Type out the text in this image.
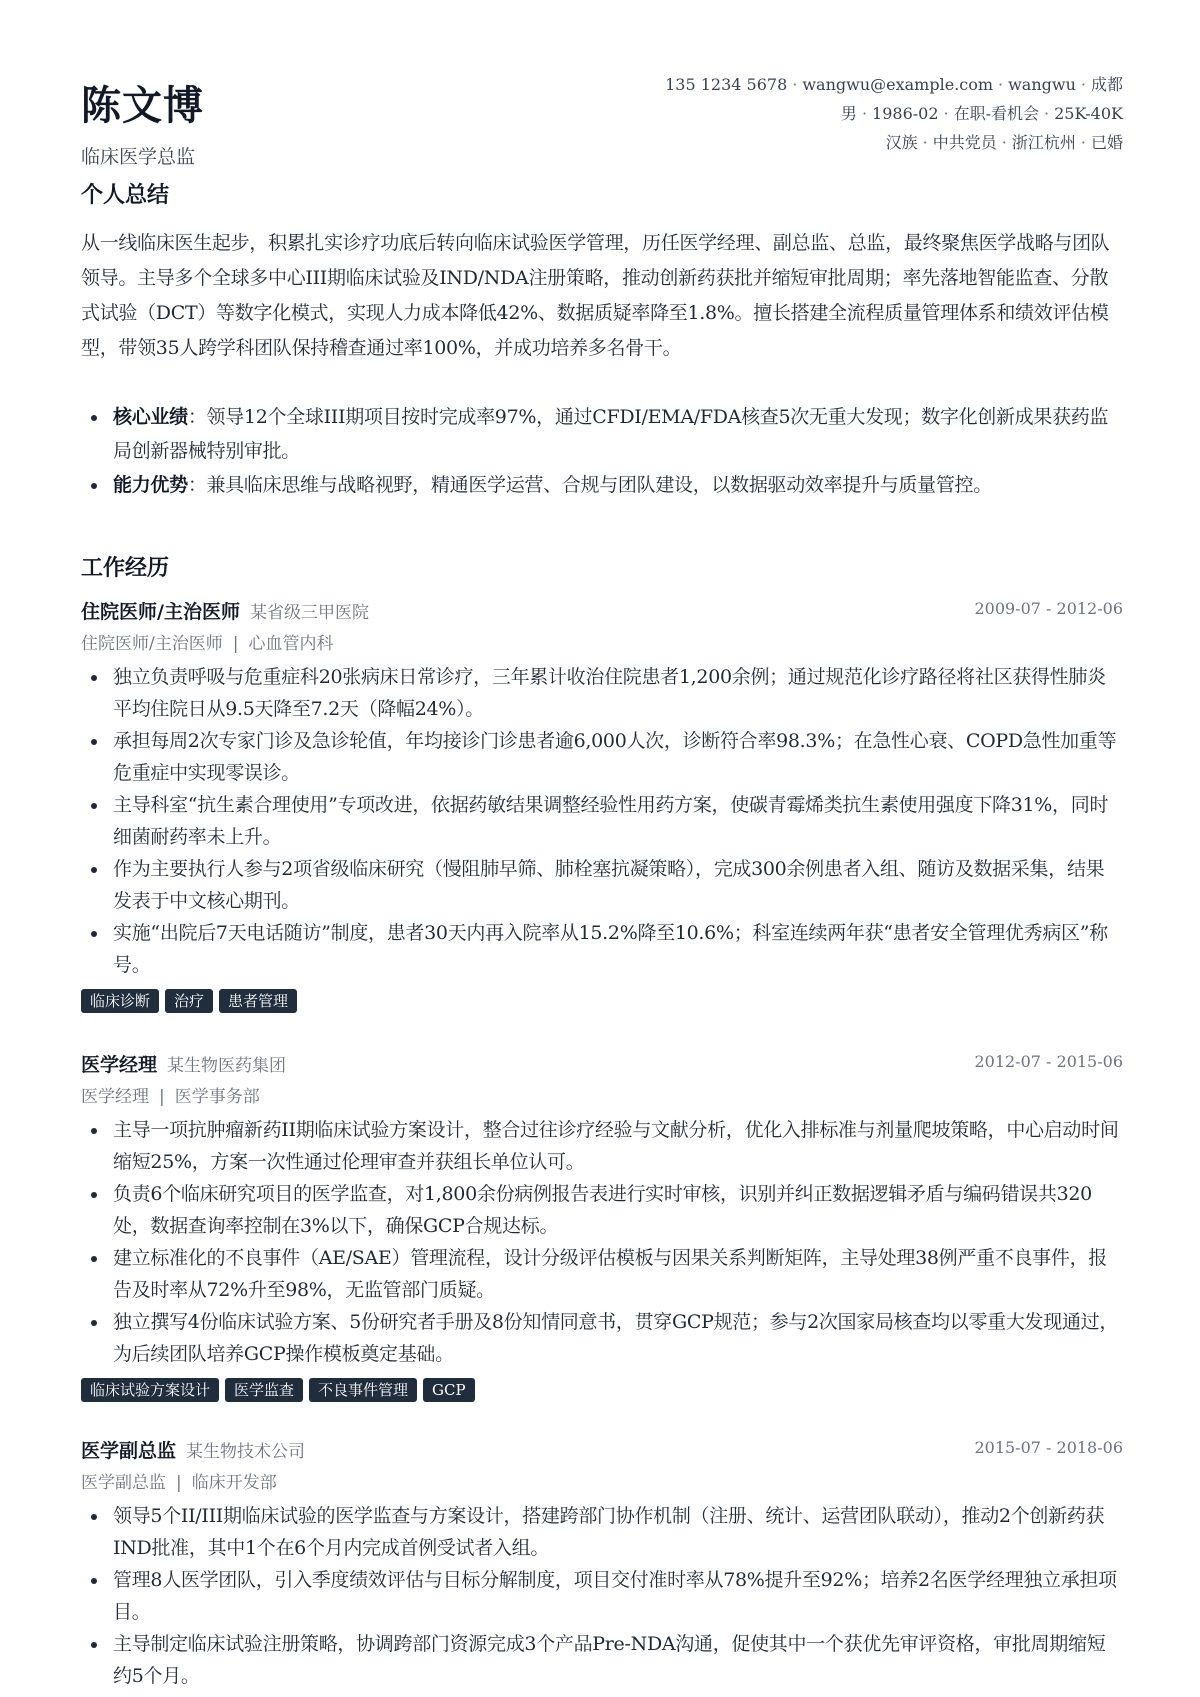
陈文博
临床医学总监
135 1234 5678 · wangwu@example.com · wangwu · 成都
男 · 1986-02 · 在职-看机会 · 25K-40K
汉族 · 中共党员 · 浙江杭州 · 已婚
个人总结

从一线临床医生起步，积累扎实诊疗功底后转向临床试验医学管理，历任医学经理、副总监、总监，最终聚焦医学战略与团队领导。主导多个全球多中心III期临床试验及IND/NDA注册策略，推动创新药获批并缩短审批周期；率先落地智能监查、分散式试验（DCT）等数字化模式，实现人力成本降低42%、数据质疑率降至1.8%。擅长搭建全流程质量管理体系和绩效评估模型，带领35人跨学科团队保持稽查通过率100%，并成功培养多名骨干。

核心业绩：领导12个全球III期项目按时完成率97%，通过CFDI/EMA/FDA核查5次无重大发现；数字化创新成果获药监局创新器械特别审批。
能力优势：兼具临床思维与战略视野，精通医学运营、合规与团队建设，以数据驱动效率提升与质量管控。
工作经历
住院医师/主治医师 某省级三甲医院	2009-07 - 2012-06
住院医师/主治医师 | 心血管内科
独立负责呼吸与危重症科20张病床日常诊疗，三年累计收治住院患者1,200余例；通过规范化诊疗路径将社区获得性肺炎平均住院日从9.5天降至7.2天（降幅24%）。
承担每周2次专家门诊及急诊轮值，年均接诊门诊患者逾6,000人次，诊断符合率98.3%；在急性心衰、COPD急性加重等危重症中实现零误诊。
主导科室“抗生素合理使用”专项改进，依据药敏结果调整经验性用药方案，使碳青霉烯类抗生素使用强度下降31%，同时细菌耐药率未上升。
作为主要执行人参与2项省级临床研究（慢阻肺早筛、肺栓塞抗凝策略），完成300余例患者入组、随访及数据采集，结果发表于中文核心期刊。
实施“出院后7天电话随访”制度，患者30天内再入院率从15.2%降至10.6%；科室连续两年获“患者安全管理优秀病区”称号。
临床诊断	治疗	患者管理
医学经理 某生物医药集团	2012-07 - 2015-06
医学经理 | 医学事务部
主导一项抗肿瘤新药II期临床试验方案设计，整合过往诊疗经验与文献分析，优化入排标准与剂量爬坡策略，中心启动时间缩短25%，方案一次性通过伦理审查并获组长单位认可。
负责6个临床研究项目的医学监查，对1,800余份病例报告表进行实时审核，识别并纠正数据逻辑矛盾与编码错误共320处，数据查询率控制在3%以下，确保GCP合规达标。
建立标准化的不良事件（AE/SAE）管理流程，设计分级评估模板与因果关系判断矩阵，主导处理38例严重不良事件，报告及时率从72%升至98%，无监管部门质疑。
独立撰写4份临床试验方案、5份研究者手册及8份知情同意书，贯穿GCP规范；参与2次国家局核查均以零重大发现通过，为后续团队培养GCP操作模板奠定基础。
临床试验方案设计	医学监查	不良事件管理	GCP
医学副总监 某生物技术公司	2015-07 - 2018-06
医学副总监 | 临床开发部
领导5个II/III期临床试验的医学监查与方案设计，搭建跨部门协作机制（注册、统计、运营团队联动），推动2个创新药获IND批准，其中1个在6个月内完成首例受试者入组。
管理8人医学团队，引入季度绩效评估与目标分解制度，项目交付准时率从78%提升至92%；培养2名医学经理独立承担项目。
主导制定临床试验注册策略，协调跨部门资源完成3个产品Pre-NDA沟通，促使其中一个获优先审评资格，审批周期缩短约5个月。
